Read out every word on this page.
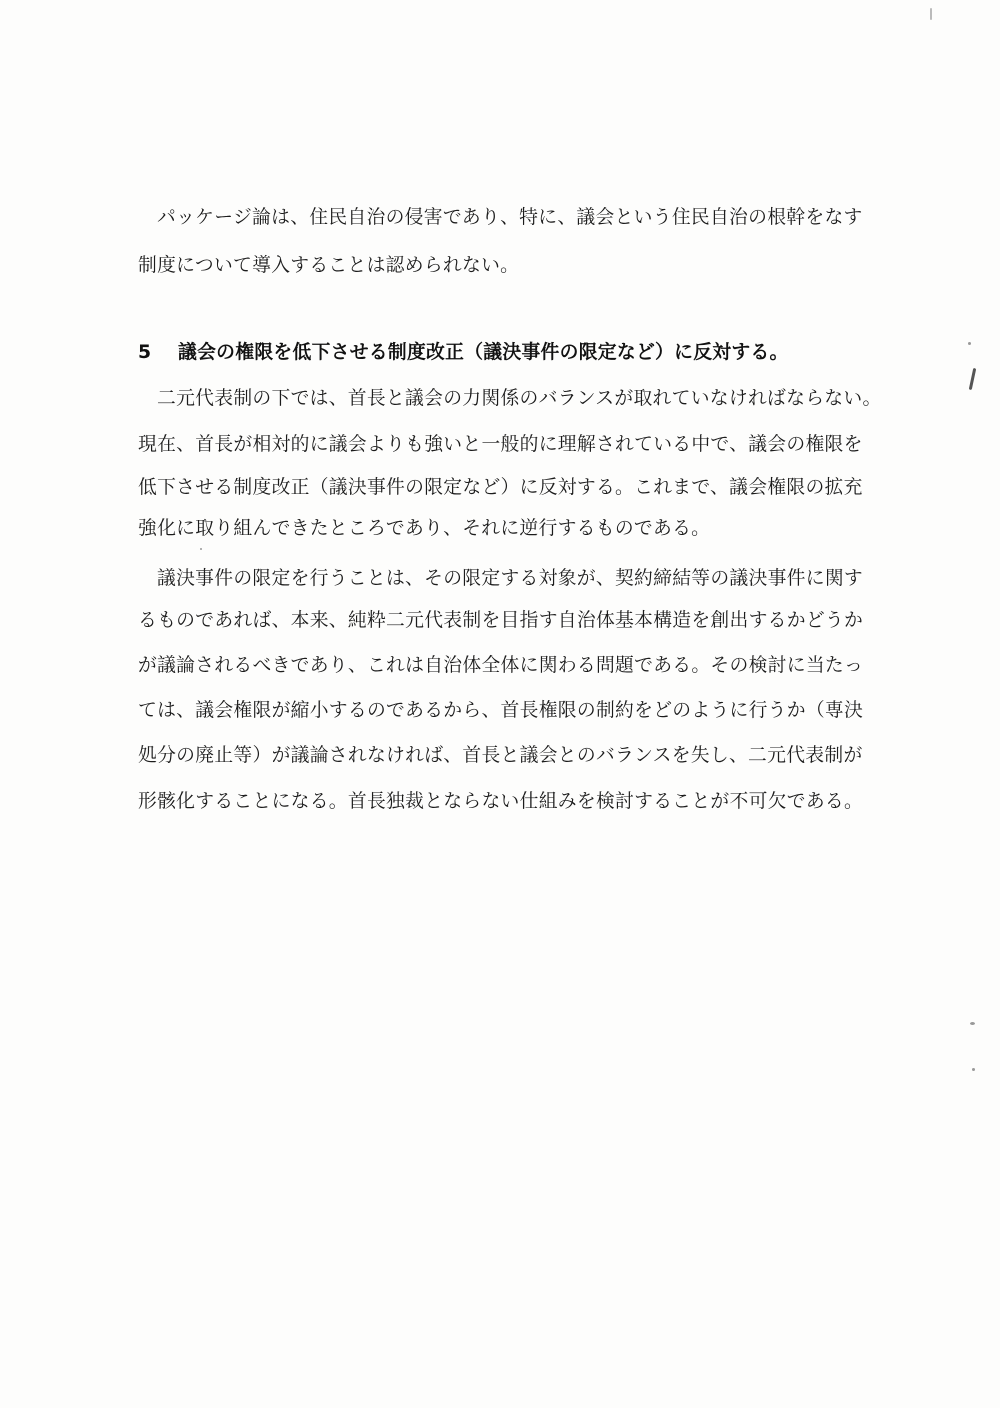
パッケージ論は、住民自治の侵害であり、特に、議会という住民自治の根幹をなす
制度について導入することは認められない。
5 議会の権限を低下させる制度改正（議決事件の限定など）に反対する。
二元代表制の下では、首長と議会の力関係のバランスが取れていなければならない。
現在、首長が相対的に議会よりも強いと一般的に理解されている中で、議会の権限を
低下させる制度改正（議決事件の限定など）に反対する。これまで、議会権限の拡充
強化に取り組んできたところであり、それに逆行するものである。
議決事件の限定を行うことは、その限定する対象が、契約締結等の議決事件に関す
るものであれば、本来、純粋二元代表制を目指す自治体基本構造を創出するかどうか
が議論されるべきであり、これは自治体全体に関わる問題である。その検討に当たっ
ては、議会権限が縮小するのであるから、首長権限の制約をどのように行うか（専決
処分の廃止等）が議論されなければ、首長と議会とのバランスを失し、二元代表制が
形骸化することになる。首長独裁とならない仕組みを検討することが不可欠である。
